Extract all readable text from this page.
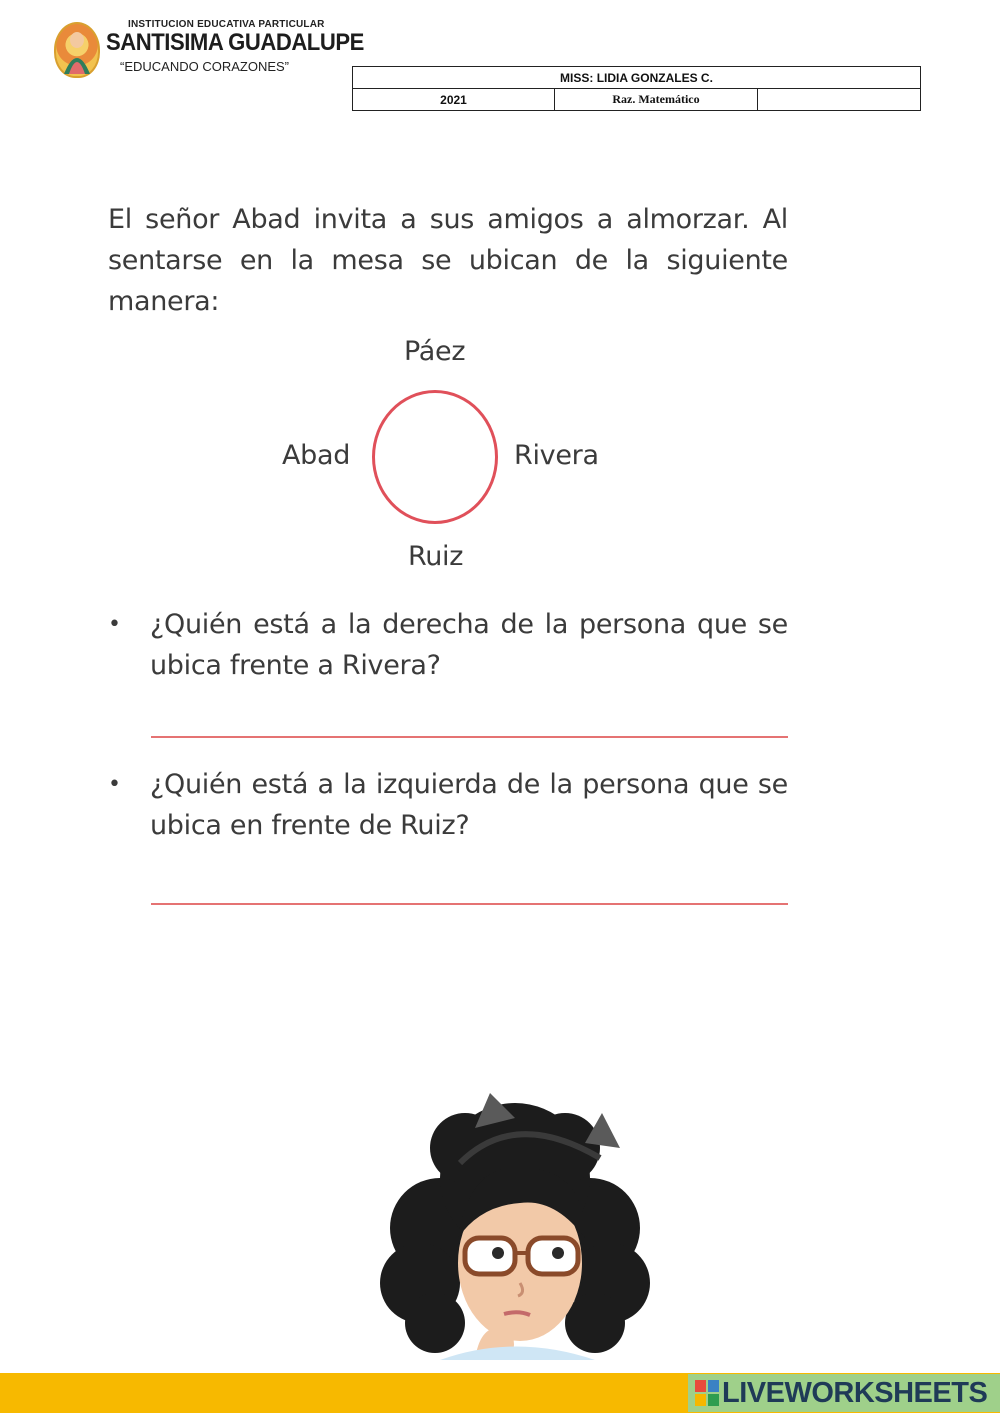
INSTITUCION EDUCATIVA PARTICULAR
SANTISIMA GUADALUPE
“EDUCANDO CORAZONES”
MISS: LIDIA GONZALES C.
2021	Raz. Matemático	
El señor Abad invita a sus amigos a almorzar. Al sentarse en la mesa se ubican de la siguiente manera:
Páez
Abad	Rivera
Ruiz
• ¿Quién está a la derecha de la persona que se ubica frente a Rivera?
• ¿Quién está a la izquierda de la persona que se ubica en frente de Ruiz?
LIVEWORKSHEETS
